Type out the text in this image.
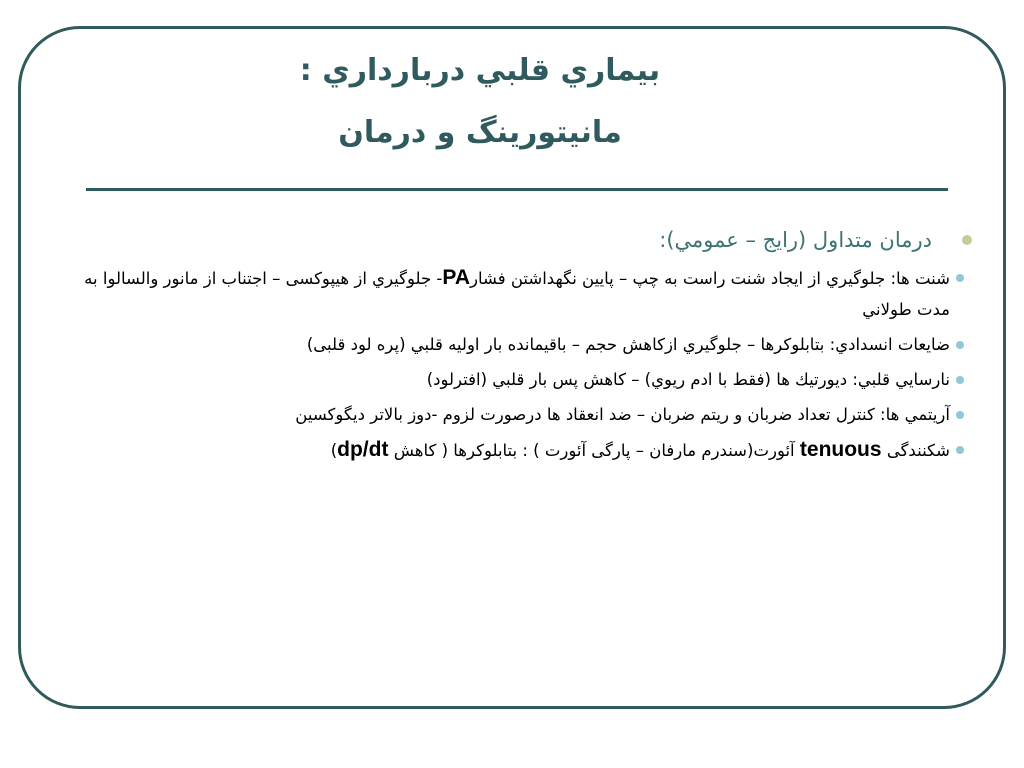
بيماري قلبي دربارداري :
مانيتورينگ و درمان
درمان متداول (رايج – عمومي):
شنت ها: جلوگيري از ايجاد شنت راست به چپ – پايين نگهداشتن فشارPA- جلوگيري از هيپوكسى – اجتناب از مانور والسالوا به مدت طولاني
ضايعات انسدادي: بتابلوكرها – جلوگيري ازكاهش حجم – باقيمانده بار اوليه قلبي (پره لود قلبى)
نارسايي قلبي: ديورتيك ها (فقط با ادم ريوي) – كاهش پس بار قلبي (افترلود)
آريتمي ها: كنترل تعداد ضربان و ريتم ضربان – ضد انعقاد ها درصورت لزوم -دوز بالاتر ديگوكسين
شكنندگى tenuous آئورت(سندرم مارفان – پارگى آئورت ) : بتابلوكرها ( كاهش dp/dt)
